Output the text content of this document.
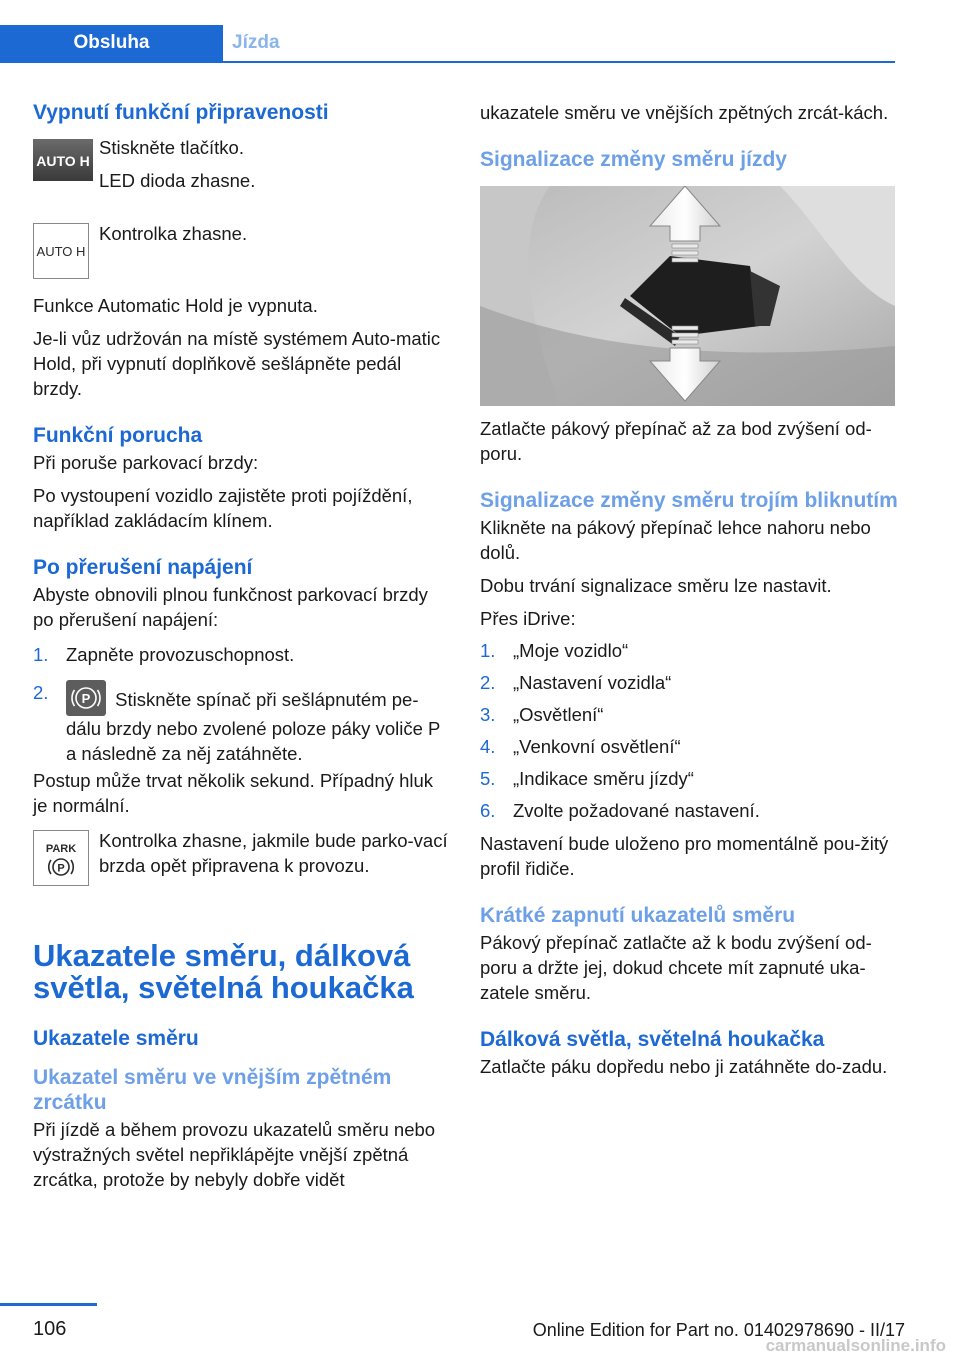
Obsluha	Jízda
Vypnutí funkční připravenosti
AUTO H

Stiskněte tlačítko.

LED dioda zhasne.

AUTO H

Kontrolka zhasne.

Funkce Automatic Hold je vypnuta.

Je-li vůz udržován na místě systémem Auto-matic Hold, při vypnutí doplňkově sešlápněte pedál brzdy.

Funkční porucha

Při poruše parkovací brzdy:

Po vystoupení vozidlo zajistěte proti pojíždění, například zakládacím klínem.

Po přerušení napájení

Abyste obnovili plnou funkčnost parkovací brzdy po přerušení napájení:

1. Zapněte provozuschopnost.
2.	P Stiskněte spínač při sešlápnutém pe-dálu brzdy nebo zvolené poloze páky voliče P a následně za něj zatáhněte.

Postup může trvat několik sekund. Případný hluk je normální.

PARK
P

Kontrolka zhasne, jakmile bude parko-vací brzda opět připravena k provozu.

Ukazatele směru, dálková světla, světelná houkačka
Ukazatele směru
Ukazatel směru ve vnějším zpětném zrcátku

Při jízdě a během provozu ukazatelů směru nebo výstražných světel nepřiklápějte vnější zpětná zrcátka, protože by nebyly dobře vidět

ukazatele směru ve vnějších zpětných zrcát-kách.

Signalizace změny směru jízdy

Zatlačte pákový přepínač až za bod zvýšení od-poru.

Signalizace změny směru trojím bliknutím

Klikněte na pákový přepínač lehce nahoru nebo dolů.

Dobu trvání signalizace směru lze nastavit.

Přes iDrive:

1. „Moje vozidlo“
2. „Nastavení vozidla“
3. „Osvětlení“
4. „Venkovní osvětlení“
5. „Indikace směru jízdy“
6. Zvolte požadované nastavení.

Nastavení bude uloženo pro momentálně pou-žitý profil řidiče.

Krátké zapnutí ukazatelů směru

Pákový přepínač zatlačte až k bodu zvýšení od-poru a držte jej, dokud chcete mít zapnuté uka-zatele směru.

Dálková světla, světelná houkačka

Zatlačte páku dopředu nebo ji zatáhněte do-zadu.

106	Online Edition for Part no. 01402978690 - II/17
carmanualsonline.info
